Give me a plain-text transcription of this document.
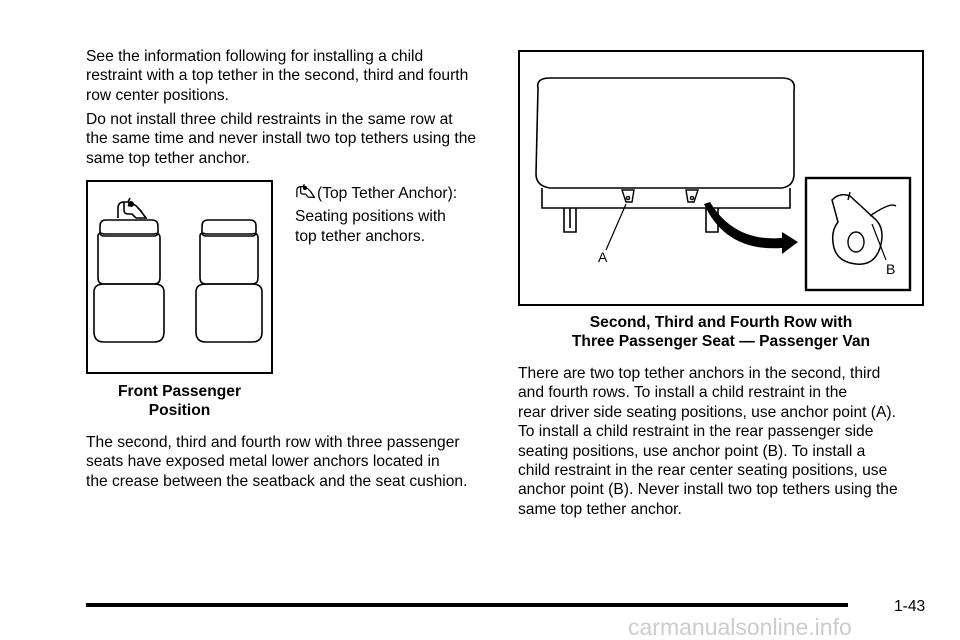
See the information following for installing a child
restraint with a top tether in the second, third and fourth
row center positions.

Do not install three child restraints in the same row at
the same time and never install two top tethers using the
same top tether anchor.

Front Passenger
Position

(Top Tether Anchor):
Seating positions with
top tether anchors.

The second, third and fourth row with three passenger
seats have exposed metal lower anchors located in
the crease between the seatback and the seat cushion.

A
B

Second, Third and Fourth Row with
Three Passenger Seat — Passenger Van

There are two top tether anchors in the second, third
and fourth rows. To install a child restraint in the
rear driver side seating positions, use anchor point (A).
To install a child restraint in the rear passenger side
seating positions, use anchor point (B). To install a
child restraint in the rear center seating positions, use
anchor point (B). Never install two top tethers using the
same top tether anchor.

1-43
carmanualsonline.info
